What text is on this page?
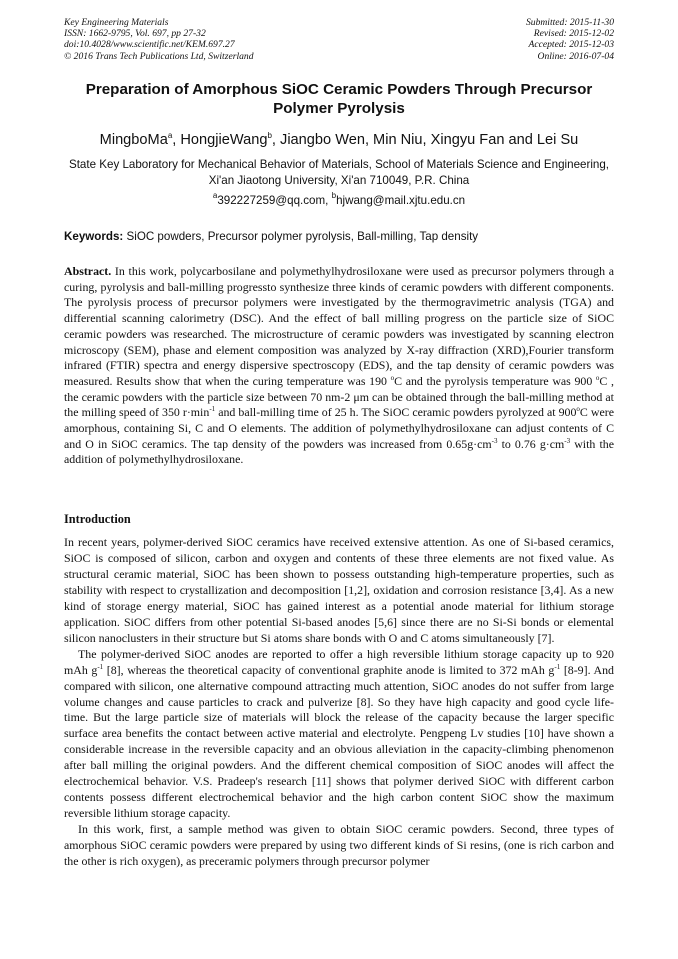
Key Engineering Materials
ISSN: 1662-9795, Vol. 697, pp 27-32
doi:10.4028/www.scientific.net/KEM.697.27
© 2016 Trans Tech Publications Ltd, Switzerland
Submitted: 2015-11-30
Revised: 2015-12-02
Accepted: 2015-12-03
Online: 2016-07-04
Preparation of Amorphous SiOC Ceramic Powders Through Precursor Polymer Pyrolysis
MingboMa$^a$, HongjieWang$^b$, Jiangbo Wen, Min Niu, Xingyu Fan and Lei Su
State Key Laboratory for Mechanical Behavior of Materials, School of Materials Science and Engineering, Xi'an Jiaotong University, Xi'an 710049, P.R. China
$^a$392227259@qq.com, $^b$hjwang@mail.xjtu.edu.cn
Keywords: SiOC powders, Precursor polymer pyrolysis, Ball-milling, Tap density

Abstract. In this work, polycarbosilane and polymethylhydrosiloxane were used as precursor polymers through a curing, pyrolysis and ball-milling progressto synthesize three kinds of ceramic powders with different components. The pyrolysis process of precursor polymers were investigated by the thermogravimetric analysis (TGA) and differential scanning calorimetry (DSC). And the effect of ball milling progress on the particle size of SiOC ceramic powders was researched. The microstructure of ceramic powders was investigated by scanning electron microscopy (SEM), phase and element composition was analyzed by X-ray diffraction (XRD),Fourier transform infrared (FTIR) spectra and energy dispersive spectroscopy (EDS), and the tap density of ceramic powders was measured. Results show that when the curing temperature was 190 $^o$C and the pyrolysis temperature was 900 $^o$C , the ceramic powders with the particle size between 70 nm-2 μm can be obtained through the ball-milling method at the milling speed of 350 $r\cdot\min^{-1}$ and ball-milling time of 25 h. The SiOC ceramic powders pyrolyzed at 900$^o$C were amorphous, containing Si, C and O elements. The addition of polymethylhydrosiloxane can adjust contents of C and O in SiOC ceramics. The tap density of the powders was increased from $0.65g\cdot cm^{-3}$ to 0.76 $g\cdot cm^{-3}$ with the addition of polymethylhydrosiloxane.

Introduction

In recent years, polymer-derived SiOC ceramics have received extensive attention. As one of Si-based ceramics, SiOC is composed of silicon, carbon and oxygen and contents of these three elements are not fixed value. As structural ceramic material, SiOC has been shown to possess outstanding high-temperature properties, such as stability with respect to crystallization and decomposition [1,2], oxidation and corrosion resistance [3,4]. As a new kind of storage energy material, SiOC has gained interest as a potential anode material for lithium storage application. SiOC differs from other potential Si-based anodes [5,6] since there are no Si-Si bonds or elemental silicon nanoclusters in their structure but Si atoms share bonds with O and C atoms simultaneously [7].

The polymer-derived SiOC anodes are reported to offer a high reversible lithium storage capacity up to 920 mAh $g^{-1}$ [8], whereas the theoretical capacity of conventional graphite anode is limited to 372 mAh $g^{-1}$ [8-9]. And compared with silicon, one alternative compound attracting much attention, SiOC anodes do not suffer from large volume changes and cause particles to crack and pulverize [8]. So they have high capacity and good cycle life-time. But the large particle size of materials will block the release of the capacity because the larger specific surface area benefits the contact between active material and electrolyte. Pengpeng Lv studies [10] have shown a considerable increase in the reversible capacity and an obvious alleviation in the capacity-climbing phenomenon after ball milling the original powders. And the different chemical composition of SiOC anodes will affect the electrochemical behavior. V.S. Pradeep's research [11] shows that polymer derived SiOC with different carbon contents possess different electrochemical behavior and the high carbon content SiOC show the maximum reversible lithium storage capacity.

In this work, first, a sample method was given to obtain SiOC ceramic powders. Second, three types of amorphous SiOC ceramic powders were prepared by using two different kinds of Si resins, (one is rich carbon and the other is rich oxygen), as preceramic polymers through precursor polymer
